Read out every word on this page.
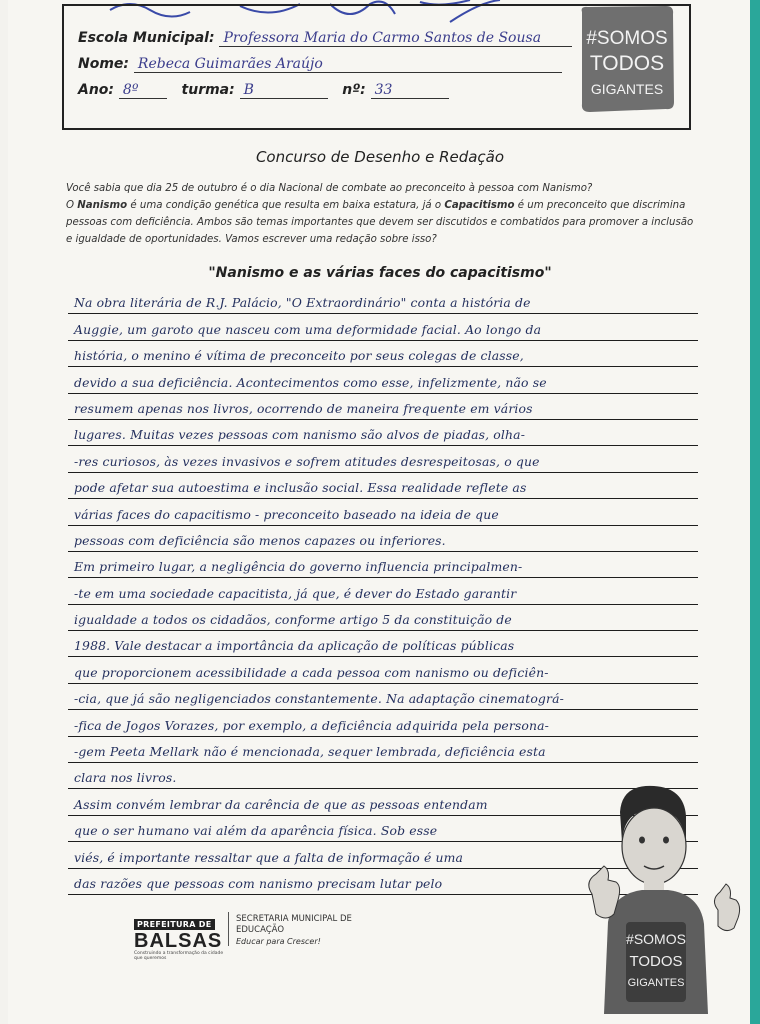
Escola Municipal: Professora Maria do Carmo Santos de Sousa
Nome: Rebeca Guimarães Araújo
Ano: 8º	turma: B	nº: 33
#SOMOS
TODOS
GIGANTES
Concurso de Desenho e Redação
Você sabia que dia 25 de outubro é o dia Nacional de combate ao preconceito à pessoa com Nanismo?
O Nanismo é uma condição genética que resulta em baixa estatura, já o Capacitismo é um preconceito que discrimina pessoas com deficiência. Ambos são temas importantes que devem ser discutidos e combatidos para promover a inclusão e igualdade de oportunidades. Vamos escrever uma redação sobre isso?
"Nanismo e as várias faces do capacitismo"
Na obra literária de R.J. Palácio, "O Extraordinário" conta a história de
Auggie, um garoto que nasceu com uma deformidade facial. Ao longo da
história, o menino é vítima de preconceito por seus colegas de classe,
devido a sua deficiência. Acontecimentos como esse, infelizmente, não se
resumem apenas nos livros, ocorrendo de maneira frequente em vários
lugares. Muitas vezes pessoas com nanismo são alvos de piadas, olha-
-res curiosos, às vezes invasivos e sofrem atitudes desrespeitosas, o que
pode afetar sua autoestima e inclusão social. Essa realidade reflete as
várias faces do capacitismo - preconceito baseado na ideia de que
pessoas com deficiência são menos capazes ou inferiores.
Em primeiro lugar, a negligência do governo influencia principalmen-
-te em uma sociedade capacitista, já que, é dever do Estado garantir
igualdade a todos os cidadãos, conforme artigo 5 da constituição de
1988. Vale destacar a importância da aplicação de políticas públicas
que proporcionem acessibilidade a cada pessoa com nanismo ou deficiên-
-cia, que já são negligenciados constantemente. Na adaptação cinematográ-
-fica de Jogos Vorazes, por exemplo, a deficiência adquirida pela persona-
-gem Peeta Mellark não é mencionada, sequer lembrada, deficiência esta
clara nos livros.
Assim convém lembrar da carência de que as pessoas entendam
que o ser humano vai além da aparência física. Sob esse
viés, é importante ressaltar que a falta de informação é uma
das razões que pessoas com nanismo precisam lutar pelo
PREFEITURA DE
BALSAS
Construindo a transformação da cidade que queremos
SECRETARIA MUNICIPAL DE
EDUCAÇÃO
Educar para Crescer!	#SOMOS
TODOS
GIGANTES
